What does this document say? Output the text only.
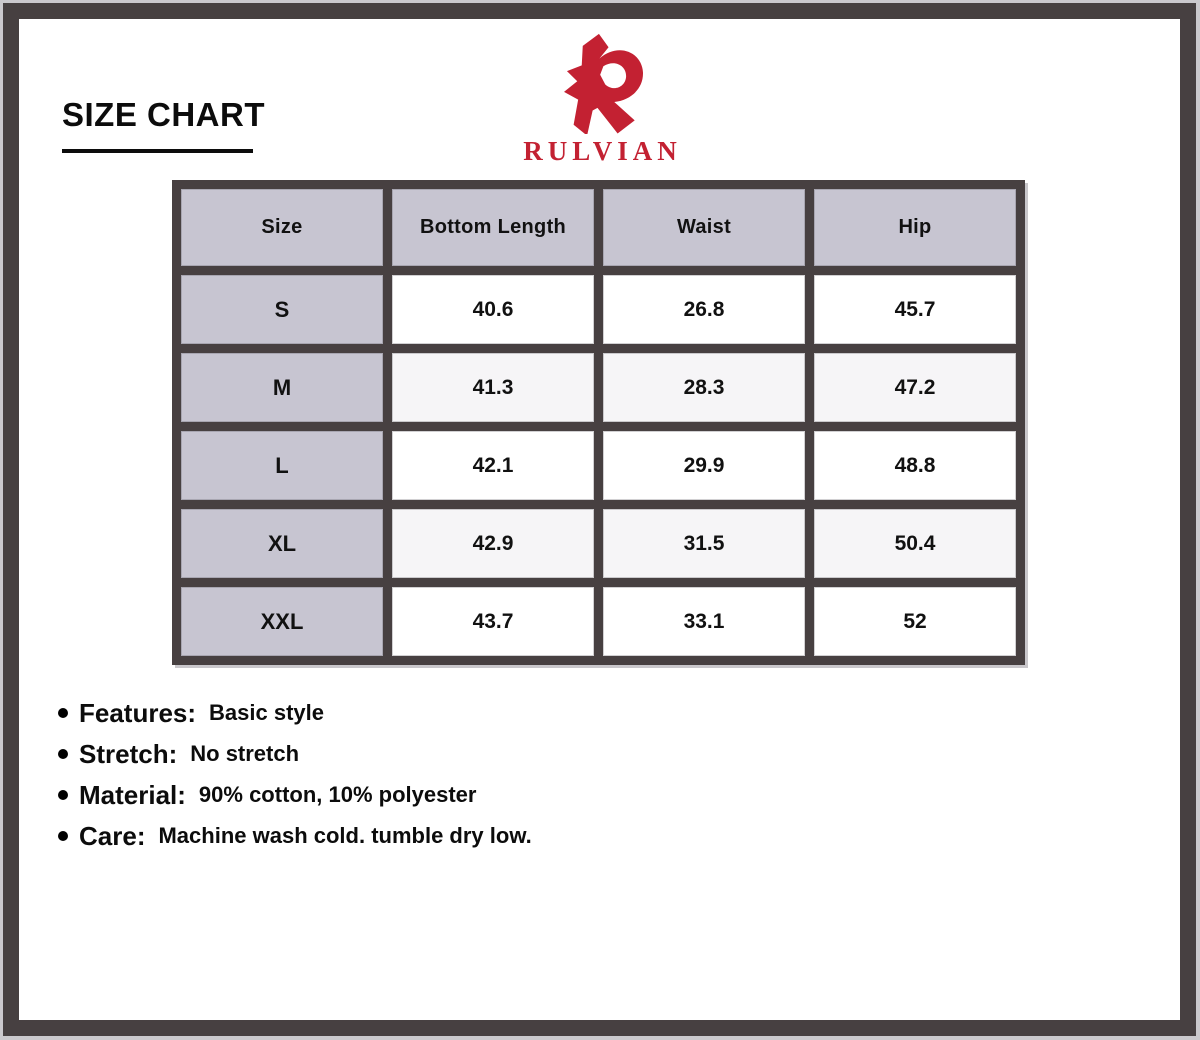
SIZE CHART
RULVIAN
Size	Bottom Length	Waist	Hip
S	40.6	26.8	45.7
M	41.3	28.3	47.2
L	42.1	29.9	48.8
XL	42.9	31.5	50.4
XXL	43.7	33.1	52
Features: Basic style
Stretch: No stretch
Material: 90% cotton, 10% polyester
Care: Machine wash cold. tumble dry low.
